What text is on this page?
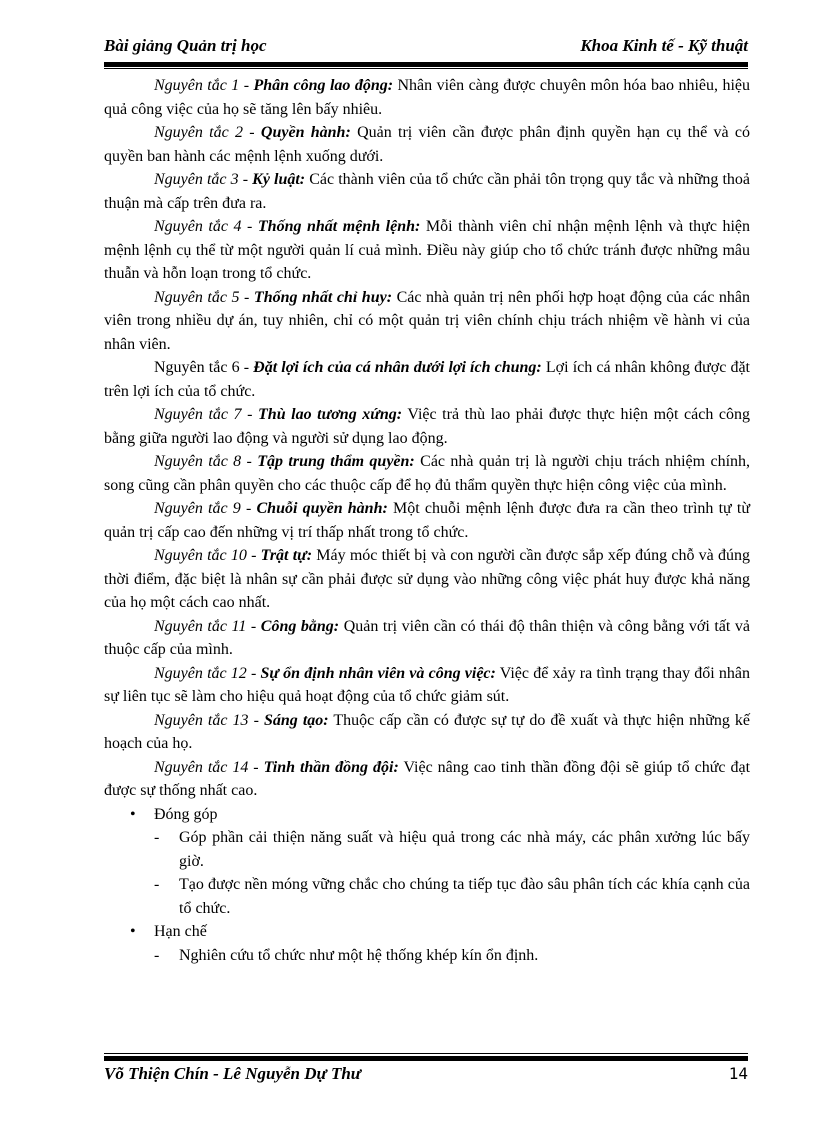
Bài giảng Quản trị học	Khoa Kinh tế - Kỹ thuật

Nguyên tắc 1 - Phân công lao động: Nhân viên càng được chuyên môn hóa bao nhiêu, hiệu quả công việc của họ sẽ tăng lên bấy nhiêu.

Nguyên tắc 2 - Quyền hành: Quản trị viên cần được phân định quyền hạn cụ thể và có quyền ban hành các mệnh lệnh xuống dưới.

Nguyên tắc 3 - Kỷ luật: Các thành viên của tổ chức cần phải tôn trọng quy tắc và những thoả thuận mà cấp trên đưa ra.

Nguyên tắc 4 - Thống nhất mệnh lệnh: Mỗi thành viên chỉ nhận mệnh lệnh và thực hiện mệnh lệnh cụ thể từ một người quản lí cuả mình. Điều này giúp cho tổ chức tránh được những mâu thuẫn và hỗn loạn trong tổ chức.

Nguyên tắc 5 - Thống nhất chỉ huy: Các nhà quản trị nên phối hợp hoạt động của các nhân viên trong nhiều dự án, tuy nhiên, chỉ có một quản trị viên chính chịu trách nhiệm về hành vi của nhân viên.

Nguyên tắc 6 - Đặt lợi ích của cá nhân dưới lợi ích chung: Lợi ích cá nhân không được đặt trên lợi ích của tổ chức.

Nguyên tắc 7 - Thù lao tương xứng: Việc trả thù lao phải được thực hiện một cách công bằng giữa người lao động và người sử dụng lao động.

Nguyên tắc 8 - Tập trung thẩm quyền: Các nhà quản trị là người chịu trách nhiệm chính, song cũng cần phân quyền cho các thuộc cấp để họ đủ thẩm quyền thực hiện công việc của mình.

Nguyên tắc 9 - Chuỗi quyền hành: Một chuỗi mệnh lệnh được đưa ra cần theo trình tự từ quản trị cấp cao đến những vị trí thấp nhất trong tổ chức.

Nguyên tắc 10 - Trật tự: Máy móc thiết bị và con người cần được sắp xếp đúng chỗ và đúng thời điểm, đặc biệt là nhân sự cần phải được sử dụng vào những công việc phát huy được khả năng của họ một cách cao nhất.

Nguyên tắc 11 - Công bằng: Quản trị viên cần có thái độ thân thiện và công bằng với tất vả thuộc cấp của mình.

Nguyên tắc 12 - Sự ổn định nhân viên và công việc: Việc để xảy ra tình trạng thay đổi nhân sự liên tục sẽ làm cho hiệu quả hoạt động của tổ chức giảm sút.

Nguyên tắc 13 - Sáng tạo: Thuộc cấp cần có được sự tự do đề xuất và thực hiện những kế hoạch của họ.

Nguyên tắc 14 - Tinh thần đồng đội: Việc nâng cao tinh thần đồng đội sẽ giúp tổ chức đạt được sự thống nhất cao.

• Đóng góp

- Góp phần cải thiện năng suất và hiệu quả trong các nhà máy, các phân xưởng lúc bấy giờ.

- Tạo được nền móng vững chắc cho chúng ta tiếp tục đào sâu phân tích các khía cạnh của tổ chức.

• Hạn chế

- Nghiên cứu tổ chức như một hệ thống khép kín ổn định.

Võ Thiện Chín - Lê Nguyễn Dự Thư	14
